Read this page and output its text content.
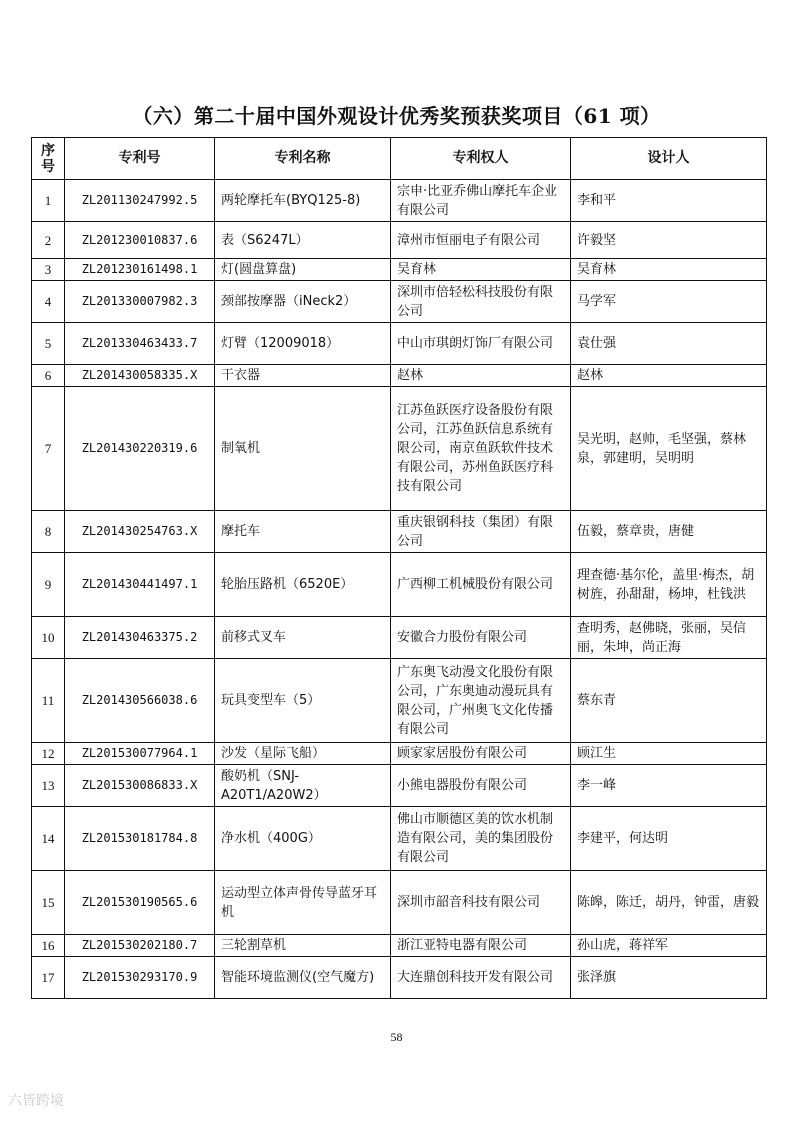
（六）第二十届中国外观设计优秀奖预获奖项目（61 项）
序号	专利号	专利名称	专利权人	设计人
1	ZL201130247992.5	两轮摩托车(BYQ125-8)	宗申·比亚乔佛山摩托车企业有限公司	李和平
2	ZL201230010837.6	表（S6247L）	漳州市恒丽电子有限公司	许毅坚
3	ZL201230161498.1	灯(圆盘算盘)	吴育林	吴育林
4	ZL201330007982.3	颈部按摩器（iNeck2）	深圳市倍轻松科技股份有限公司	马学军
5	ZL201330463433.7	灯臂（12009018）	中山市琪朗灯饰厂有限公司	袁仕强
6	ZL201430058335.X	干衣器	赵林	赵林
7	ZL201430220319.6	制氧机	江苏鱼跃医疗设备股份有限公司，江苏鱼跃信息系统有限公司，南京鱼跃软件技术有限公司，苏州鱼跃医疗科技有限公司	吴光明，赵帅，毛坚强，蔡林泉，郭建明，吴明明
8	ZL201430254763.X	摩托车	重庆银钢科技（集团）有限公司	伍毅，蔡章贵，唐健
9	ZL201430441497.1	轮胎压路机（6520E）	广西柳工机械股份有限公司	理查德·基尔伦，盖里·梅杰，胡树旌，孙甜甜，杨坤，杜钱洪
10	ZL201430463375.2	前移式叉车	安徽合力股份有限公司	查明秀，赵佛晓，张丽，吴信丽，朱坤，尚正海
11	ZL201430566038.6	玩具变型车（5）	广东奥飞动漫文化股份有限公司，广东奥迪动漫玩具有限公司，广州奥飞文化传播有限公司	蔡东青
12	ZL201530077964.1	沙发（星际飞船）	顾家家居股份有限公司	顾江生
13	ZL201530086833.X	酸奶机（SNJ-A20T1/A20W2）	小熊电器股份有限公司	李一峰
14	ZL201530181784.8	净水机（400G）	佛山市顺德区美的饮水机制造有限公司，美的集团股份有限公司	李建平，何达明
15	ZL201530190565.6	运动型立体声骨传导蓝牙耳机	深圳市韶音科技有限公司	陈皞，陈迁，胡丹，钟雷，唐毅
16	ZL201530202180.7	三轮割草机	浙江亚特电器有限公司	孙山虎，蒋祥军
17	ZL201530293170.9	智能环境监测仪(空气魔方)	大连鼎创科技开发有限公司	张泽旗
58
六皆跨境
